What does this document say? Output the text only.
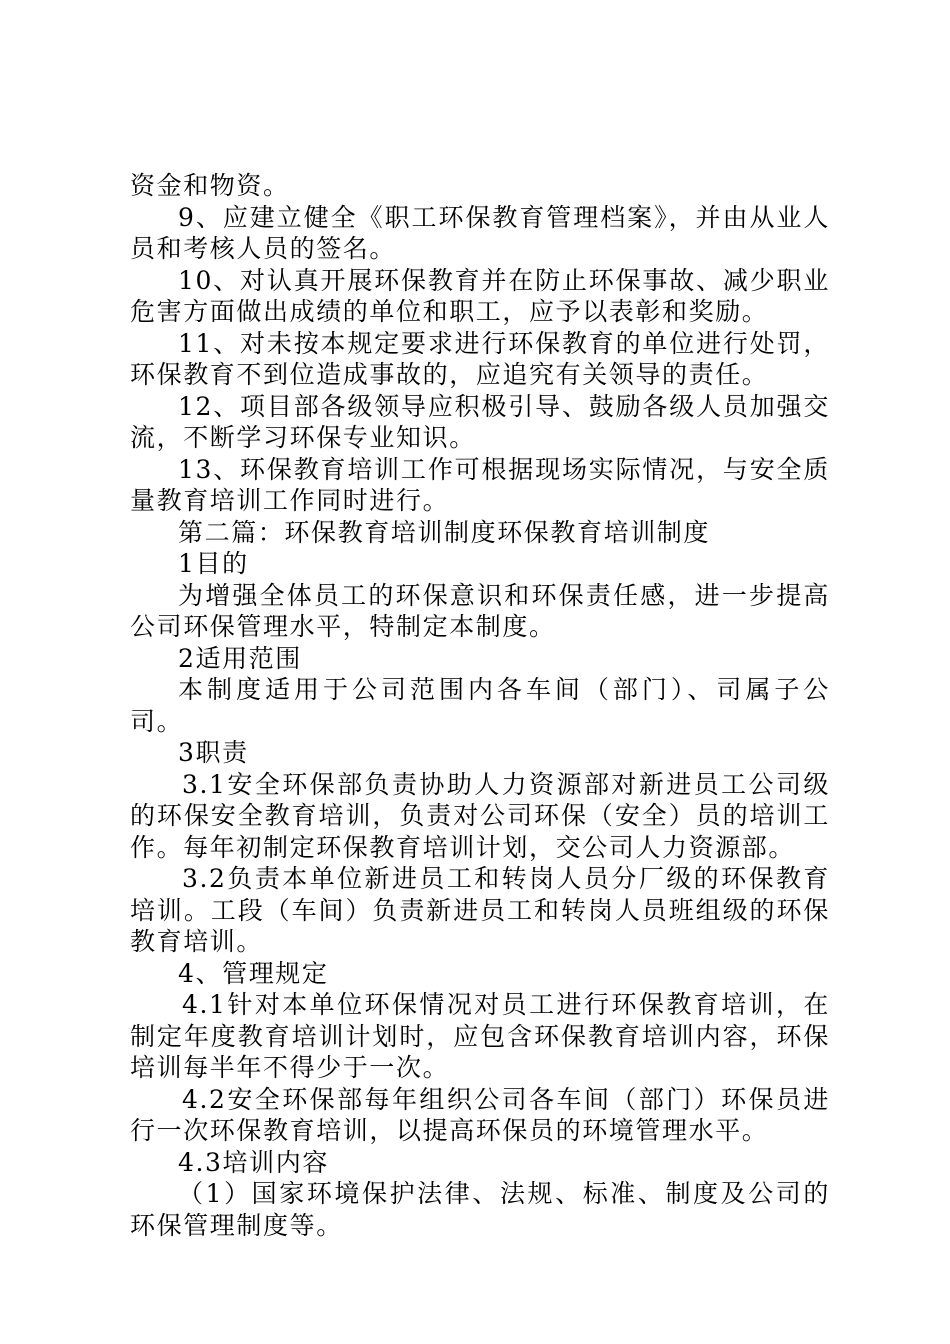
资金和物资。

9、应建立健全《职工环保教育管理档案》，并由从业人员和考核人员的签名。

10、对认真开展环保教育并在防止环保事故、减少职业危害方面做出成绩的单位和职工，应予以表彰和奖励。

11、对未按本规定要求进行环保教育的单位进行处罚，环保教育不到位造成事故的，应追究有关领导的责任。

12、项目部各级领导应积极引导、鼓励各级人员加强交流，不断学习环保专业知识。

13、环保教育培训工作可根据现场实际情况，与安全质量教育培训工作同时进行。

第二篇：环保教育培训制度环保教育培训制度

1目的

为增强全体员工的环保意识和环保责任感，进一步提高公司环保管理水平，特制定本制度。

2适用范围

本制度适用于公司范围内各车间（部门）、司属子公司。

3职责

3.1安全环保部负责协助人力资源部对新进员工公司级的环保安全教育培训，负责对公司环保（安全）员的培训工作。每年初制定环保教育培训计划，交公司人力资源部。

3.2负责本单位新进员工和转岗人员分厂级的环保教育培训。工段（车间）负责新进员工和转岗人员班组级的环保教育培训。

4、管理规定

4.1针对本单位环保情况对员工进行环保教育培训，在制定年度教育培训计划时，应包含环保教育培训内容，环保培训每半年不得少于一次。

4.2安全环保部每年组织公司各车间（部门）环保员进行一次环保教育培训，以提高环保员的环境管理水平。

4.3培训内容

（1）国家环境保护法律、法规、标准、制度及公司的环保管理制度等。
